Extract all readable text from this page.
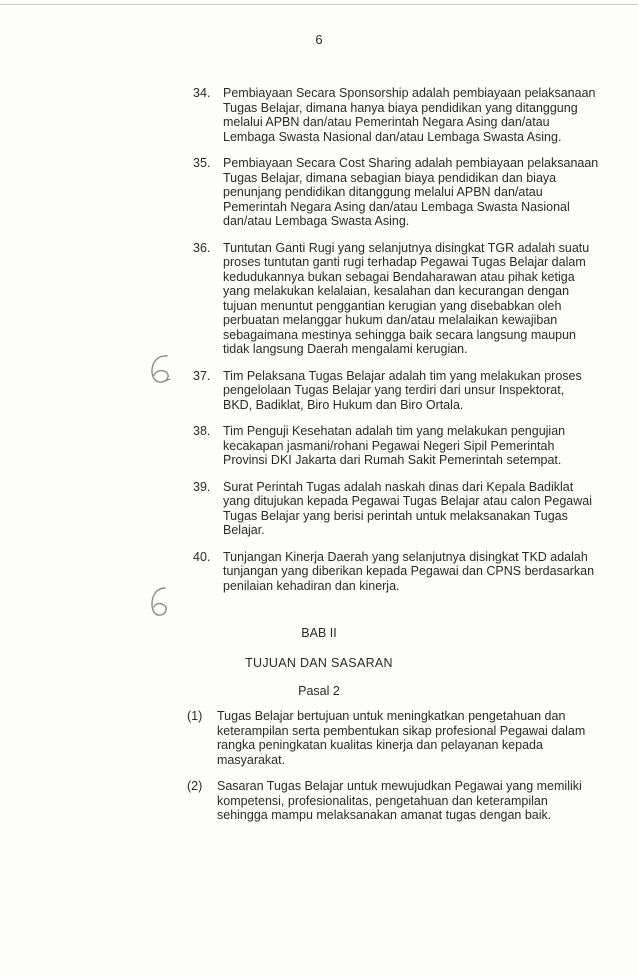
6
34.	Pembiayaan Secara Sponsorship adalah pembiayaan pelaksanaan
Tugas Belajar, dimana hanya biaya pendidikan yang ditanggung
melalui APBN dan/atau Pemerintah Negara Asing dan/atau
Lembaga Swasta Nasional dan/atau Lembaga Swasta Asing.
35.	Pembiayaan Secara Cost Sharing adalah pembiayaan pelaksanaan
Tugas Belajar, dimana sebagian biaya pendidikan dan biaya
penunjang pendidikan ditanggung melalui APBN dan/atau
Pemerintah Negara Asing dan/atau Lembaga Swasta Nasional
dan/atau Lembaga Swasta Asing.
36.	Tuntutan Ganti Rugi yang selanjutnya disingkat TGR adalah suatu
proses tuntutan ganti rugi terhadap Pegawai Tugas Belajar dalam
kedudukannya bukan sebagai Bendaharawan atau pihak ketiga
yang melakukan kelalaian, kesalahan dan kecurangan dengan
tujuan menuntut penggantian kerugian yang disebabkan oleh
perbuatan melanggar hukum dan/atau melalaikan kewajiban
sebagaimana mestinya sehingga baik secara langsung maupun
tidak langsung Daerah mengalami kerugian.
37.	Tim Pelaksana Tugas Belajar adalah tim yang melakukan proses
pengelolaan Tugas Belajar yang terdiri dari unsur Inspektorat,
BKD, Badiklat, Biro Hukum dan Biro Ortala.
38.	Tim Penguji Kesehatan adalah tim yang melakukan pengujian
kecakapan jasmani/rohani Pegawai Negeri Sipil Pemerintah
Provinsi DKI Jakarta dari Rumah Sakit Pemerintah setempat.
39.	Surat Perintah Tugas adalah naskah dinas dari Kepala Badiklat
yang ditujukan kepada Pegawai Tugas Belajar atau calon Pegawai
Tugas Belajar yang berisi perintah untuk melaksanakan Tugas
Belajar.
40.	Tunjangan Kinerja Daerah yang selanjutnya disingkat TKD adalah
tunjangan yang diberikan kepada Pegawai dan CPNS berdasarkan
penilaian kehadiran dan kinerja.
BAB II
TUJUAN DAN SASARAN
Pasal 2
(1)	Tugas Belajar bertujuan untuk meningkatkan pengetahuan dan
keterampilan serta pembentukan sikap profesional Pegawai dalam
rangka peningkatan kualitas kinerja dan pelayanan kepada
masyarakat.
(2)	Sasaran Tugas Belajar untuk mewujudkan Pegawai yang memiliki
kompetensi, profesionalitas, pengetahuan dan keterampilan
sehingga mampu melaksanakan amanat tugas dengan baik.
